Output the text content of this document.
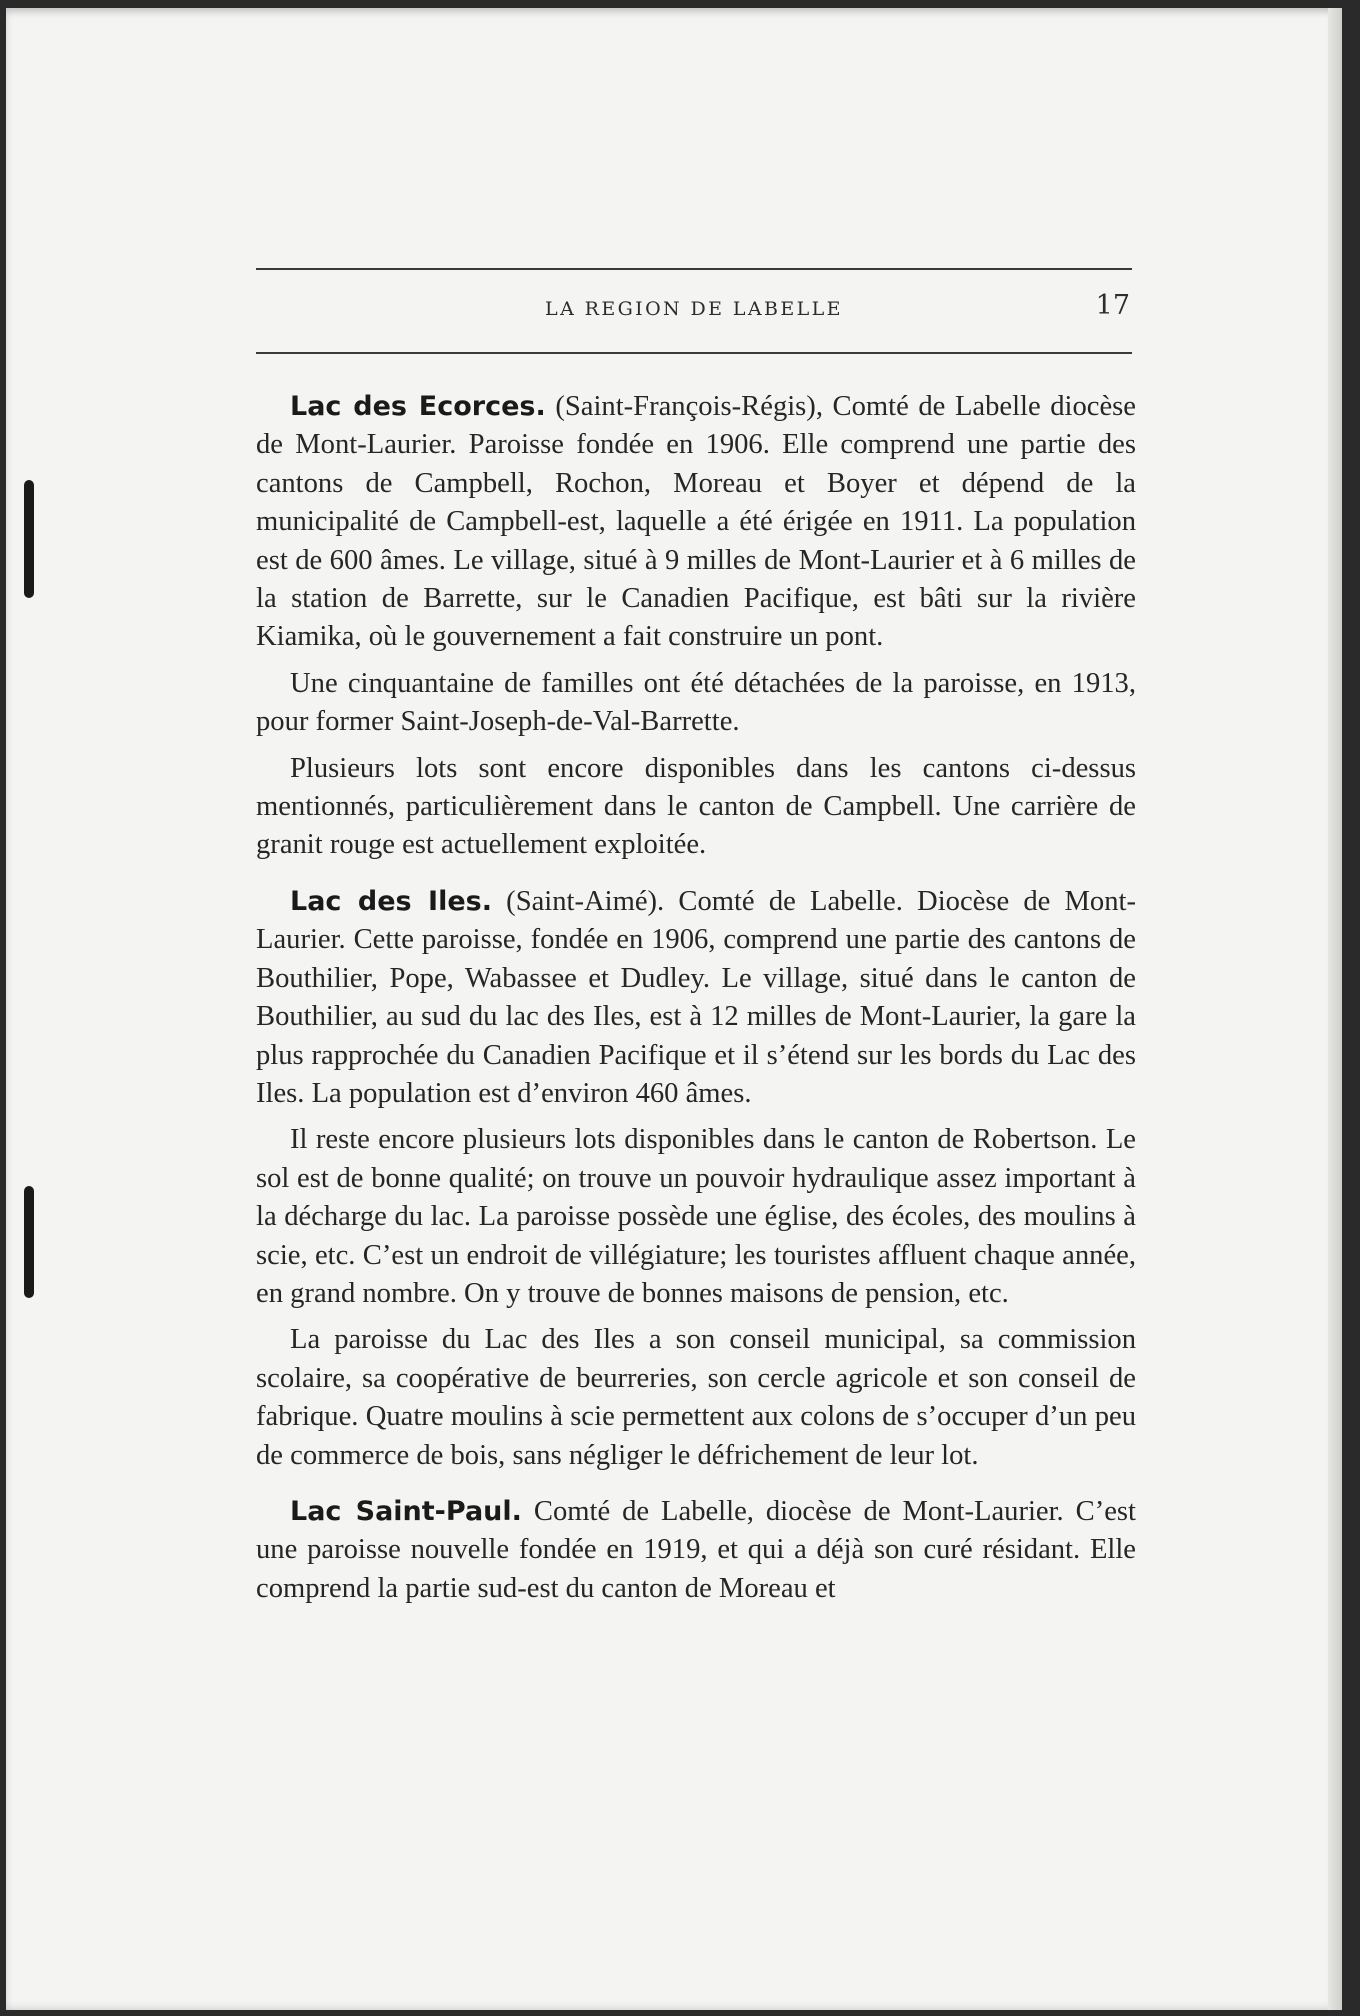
LA REGION DE LABELLE	17

Lac des Ecorces. (Saint-François-Régis), Comté de Labelle diocèse de Mont-Laurier. Paroisse fondée en 1906. Elle comprend une partie des cantons de Campbell, Rochon, Moreau et Boyer et dépend de la municipalité de Campbell-est, laquelle a été érigée en 1911. La population est de 600 âmes. Le village, situé à 9 milles de Mont-Laurier et à 6 milles de la station de Barrette, sur le Canadien Pacifique, est bâti sur la rivière Kiamika, où le gouvernement a fait construire un pont.

Une cinquantaine de familles ont été détachées de la paroisse, en 1913, pour former Saint-Joseph-de-Val-Barrette.

Plusieurs lots sont encore disponibles dans les cantons ci-dessus mentionnés, particulièrement dans le canton de Campbell. Une carrière de granit rouge est actuellement exploitée.

Lac des Iles. (Saint-Aimé). Comté de Labelle. Diocèse de Mont-Laurier. Cette paroisse, fondée en 1906, comprend une partie des cantons de Bouthilier, Pope, Wabassee et Dudley. Le village, situé dans le canton de Bouthilier, au sud du lac des Iles, est à 12 milles de Mont-Laurier, la gare la plus rapprochée du Canadien Pacifique et il s’étend sur les bords du Lac des Iles. La population est d’environ 460 âmes.

Il reste encore plusieurs lots disponibles dans le canton de Robertson. Le sol est de bonne qualité; on trouve un pouvoir hydraulique assez important à la décharge du lac. La paroisse possède une église, des écoles, des moulins à scie, etc. C’est un endroit de villégiature; les touristes affluent chaque année, en grand nombre. On y trouve de bonnes maisons de pension, etc.

La paroisse du Lac des Iles a son conseil municipal, sa commission scolaire, sa coopérative de beurreries, son cercle agricole et son conseil de fabrique. Quatre moulins à scie permettent aux colons de s’occuper d’un peu de commerce de bois, sans négliger le défrichement de leur lot.

Lac Saint-Paul. Comté de Labelle, diocèse de Mont-Laurier. C’est une paroisse nouvelle fondée en 1919, et qui a déjà son curé résidant. Elle comprend la partie sud-est du canton de Moreau et
